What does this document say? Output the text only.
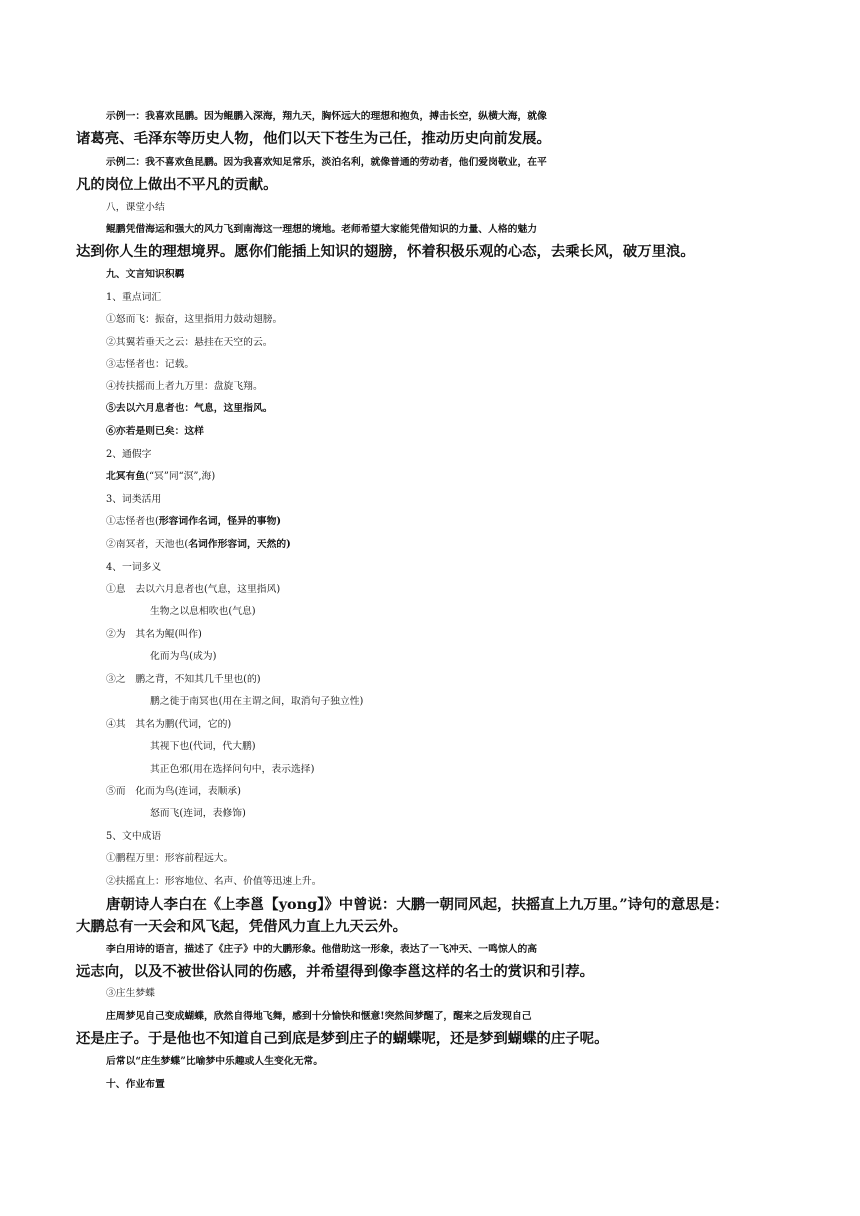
示例一：我喜欢昆鹏。因为鲲鹏入深海，翔九天，胸怀远大的理想和抱负，搏击长空，纵横大海，就像
诸葛亮、毛泽东等历史人物，他们以天下苍生为己任，推动历史向前发展。
示例二：我不喜欢鱼昆鹏。因为我喜欢知足常乐，淡泊名利，就像普通的劳动者，他们爱岗敬业，在平
凡的岗位上做出不平凡的贡献。
八，课堂小结
鲲鹏凭借海运和强大的风力飞到南海这一理想的境地。老师希望大家能凭借知识的力量、人格的魅力
达到你人生的理想境界。愿你们能插上知识的翅膀，怀着积极乐观的心态，去乘长风，破万里浪。
九、文言知识积羁
1、重点词汇
①怒而飞：振奋，这里指用力鼓动翅膀。
②其翼若垂天之云：悬挂在天空的云。
③志怪者也：记载。
④抟扶摇而上者九万里：盘旋飞翔。
⑤去以六月息者也：气息，这里指风。
⑥亦若是则已矣：这样
2、通假字
北冥有鱼(“冥”同“溟”,海)
3、词类活用
①志怪者也(形容词作名词，怪异的事物)
②南冥者，天池也(名词作形容词，天然的)
4、一词多义
①息　去以六月息者也(气息，这里指风)
生物之以息相吹也(气息)
②为　其名为鲲(叫作)
化而为鸟(成为)
③之　鹏之背，不知其几千里也(的)
鹏之徙于南冥也(用在主谓之间，取消句子独立性)
④其　其名为鹏(代词，它的)
其视下也(代词，代大鹏)
其正色邪(用在选择问句中，表示选择)
⑤而　化而为鸟(连词，表顺承)
怒而飞(连词，表修饰)
5、文中成语
①鹏程万里：形容前程远大。
②扶摇直上：形容地位、名声、价值等迅速上升。
唐朝诗人李白在《上李邕【yong】》中曾说：大鹏一朝同风起，扶摇直上九万里。”诗句的意思是：
大鹏总有一天会和风飞起，凭借风力直上九天云外。
李白用诗的语言，描述了《庄子》中的大鹏形象。他借助这一形象，表达了一飞冲天、一鸣惊人的高
远志向，以及不被世俗认同的伤感，并希望得到像李邕这样的名士的赏识和引荐。
③庄生梦蝶
庄周梦见自己变成蝴蝶，欣然自得地飞舞，感到十分愉快和惬意!突然间梦醒了，醒来之后发现自己
还是庄子。于是他也不知道自己到底是梦到庄子的蝴蝶呢，还是梦到蝴蝶的庄子呢。
后常以“庄生梦蝶”比喻梦中乐趣或人生变化无常。
十、作业布置
